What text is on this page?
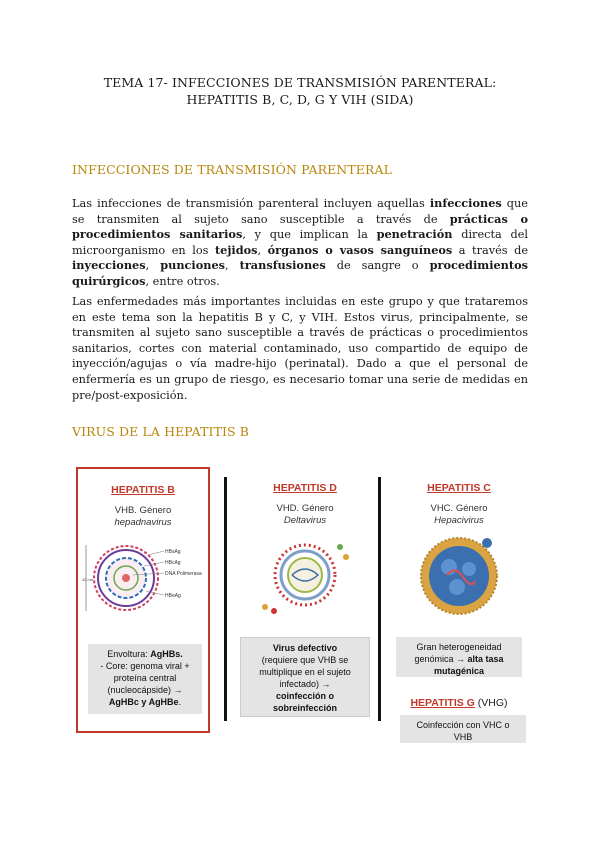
TEMA 17- INFECCIONES DE TRANSMISIÓN PARENTERAL:
HEPATITIS B, C, D, G Y VIH (SIDA)
INFECCIONES DE TRANSMISIÓN PARENTERAL

Las infecciones de transmisión parenteral incluyen aquellas infecciones que se transmiten al sujeto sano susceptible a través de prácticas o procedimientos sanitarios, y que implican la penetración directa del microorganismo en los tejidos, órganos o vasos sanguíneos a través de inyecciones, punciones, transfusiones de sangre o procedimientos quirúrgicos, entre otros.

Las enfermedades más importantes incluidas en este grupo y que trataremos en este tema son la hepatitis B y C, y VIH. Estos virus, principalmente, se transmiten al sujeto sano susceptible a través de prácticas o procedimientos sanitarios, cortes con material contaminado, uso compartido de equipo de inyección/agujas o vía madre-hijo (perinatal). Dado a que el personal de enfermería es un grupo de riesgo, es necesario tomar una serie de medidas en pre/post-exposición.

VIRUS DE LA HEPATITIS B
HEPATITIS B
VHB. Género
hepadnavirus
42 nm
HBsAg
HBcAg
DNA Polimerasa
HBeAg
Envoltura: AgHBs.
- Core: genoma viral +
proteína central
(nucleocápside) →
AgHBc y AgHBe.
HEPATITIS D
VHD. Género
Deltavirus
Virus defectivo
(requiere que VHB se
multiplique en el sujeto
infectado) →
coinfección o
sobreinfección
HEPATITIS C
VHC. Género
Hepacivirus
Gran heterogeneidad
genómica → alta tasa
mutagénica
HEPATITIS G (VHG)
Coinfección con VHC o
VHB
